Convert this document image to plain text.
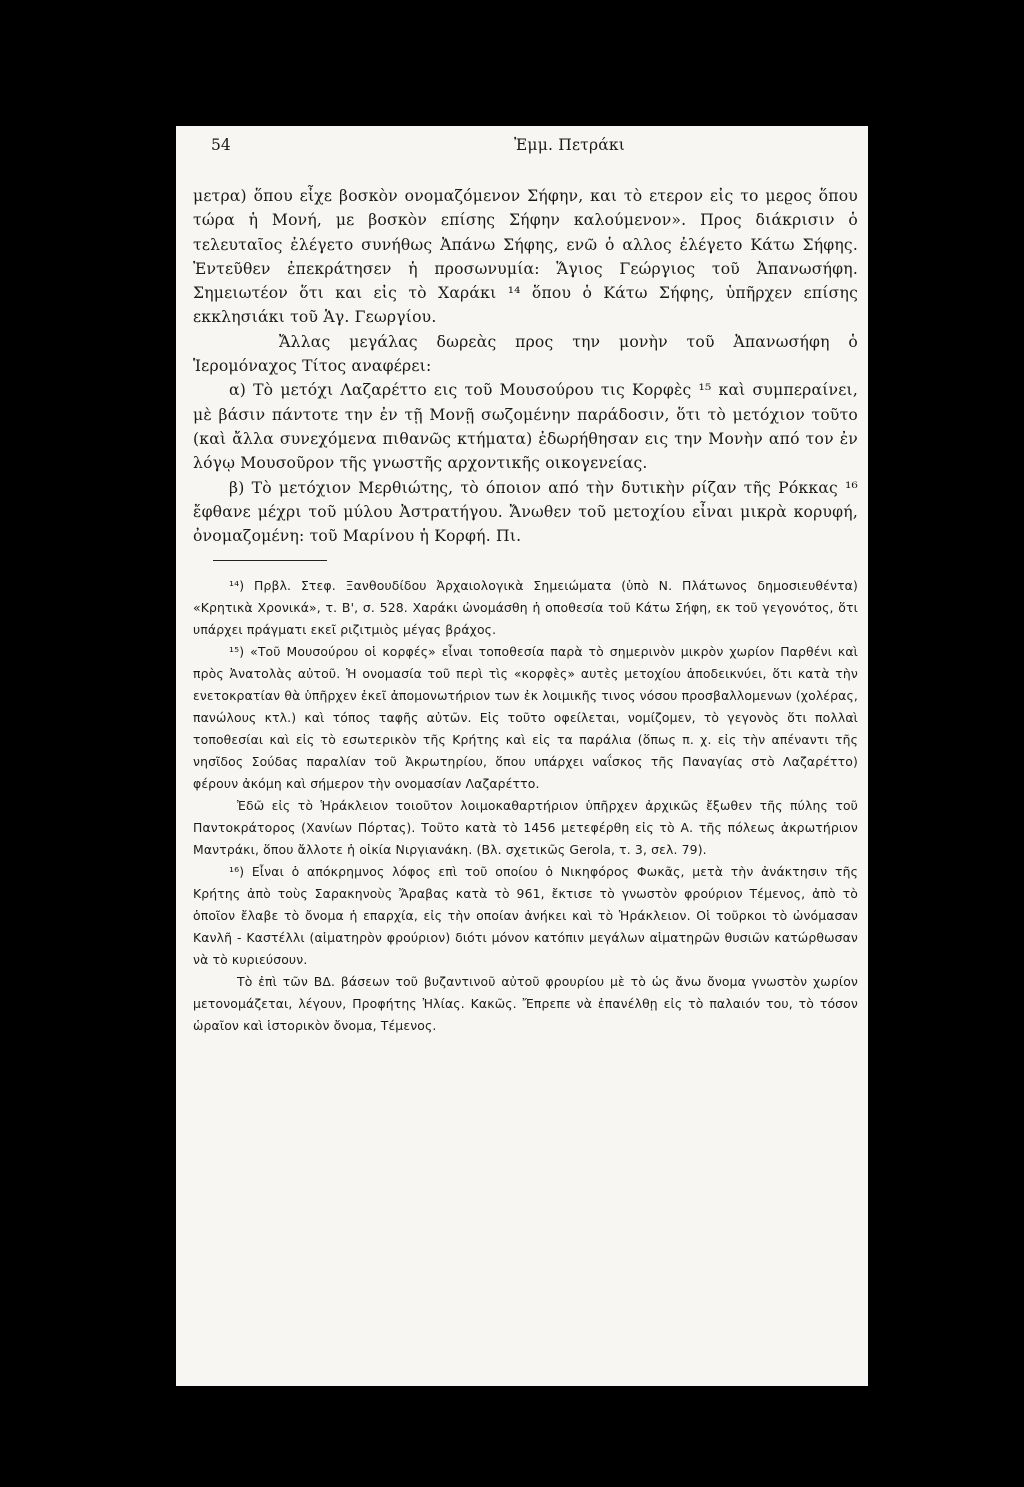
54	Ἐμμ. Πετράκι

μετρα) ὅπου εἶχε βοσκὸν ονομαζόμενον Σήφην, και τὸ ετερον εἰς το μεϱος ὅπου τώρα ἡ Μονή, με βοσκὸν επίσης Σήφην καλούμενον». Προς διάκρισιν ὁ τελευταῖος ἐλέγετο συνήθως Ἀπάνω Σήφης, ενῶ ὁ αλλος ἐλέγετο Κάτω Σήφης. Ἐντεῦθεν ἐπεκράτησεν ἡ προσωνυμία: Ἅγιος Γεώργιος τοῦ Ἀπανωσήφη. Σημειωτέον ὅτι και εἰς τὸ Χαράκι ¹⁴ ὅπου ὁ Κάτω Σήφης, ὑπῆρχεν επίσης εκκλησιάκι τοῦ Ἁγ. Γεωργίου.

Ἄλλας μεγάλας δωρεὰς προς την μονὴν τοῦ Ἀπανωσήφη ὁ Ἱερομόναχος Τίτος αναφέρει:

α) Τὸ μετόχι Λαζαρέττο εις τοῦ Μουσούρου τις Κορφὲς ¹⁵ καὶ συμπεραίνει, μὲ βάσιν πάντοτε την ἐν τῇ Μονῇ σωζομένην παράδοσιν, ὅτι τὸ μετόχιον τοῦτο (καὶ ἄλλα συνεχόμενα πιθανῶς κτήματα) ἐδωρήθησαν εις την Μονὴν από τον ἐν λόγῳ Μουσοῦρον τῆς γνωστῆς αρχοντικῆς οικογενείας.

β) Τὸ μετόχιον Μερθιώτης, τὸ όποιον από τὴν δυτικὴν ρίζαν τῆς Ρόκκας ¹⁶ ἔφθανε μέχρι τοῦ μύλου Ἀστρατήγου. Ἄνωθεν τοῦ μετοχίου εἶναι μικρὰ κορυφή, ὀνομαζομένη: τοῦ Μαρίνου ἡ Κορφή. Πι.

¹⁴) Πρβλ. Στεφ. Ξανθουδίδου Ἀρχαιολογικὰ Σημειώματα (ὑπὸ Ν. Πλάτωνος δημοσιευθέντα) «Κρητικὰ Χρονικά», τ. Β', σ. 528. Χαράκι ὠνομάσθη ἡ οποθεσία τοῦ Κάτω Σήφη, εκ τοῦ γεγονότος, ὅτι υπάρχει πράγματι εκεῖ ριζιτμιὸς μέγας βράχος.

¹⁵) «Τοῦ Μουσούρου οἱ κορφές» εἶναι τοποθεσία παρὰ τὸ σημερινὸν μικρὸν χωρίον Παρθένι καὶ πρὸς Ἀνατολὰς αὐτοῦ. Ἡ ονομασία τοῦ περὶ τὶς «κορφὲς» αυτὲς μετοχίου ἀποδεικνύει, ὅτι κατὰ τὴν ενετοκρατίαν θὰ ὑπῆρχεν ἐκεῖ ἀπομονωτήριον των ἐκ λοιμικῆς τινος νόσου προσβαλλομενων (χολέρας, πανώλους κτλ.) καὶ τόπος ταφῆς αὐτῶν. Εἰς τοῦτο οφείλεται, νομίζομεν, τὸ γεγονὸς ὅτι πολλαὶ τοποθεσίαι καὶ εἰς τὸ εσωτερικὸν τῆς Κρήτης καὶ εἰς τα παράλια (ὅπως π. χ. εἰς τὴν απέναντι τῆς νησῖδος Σούδας παραλίαν τοῦ Ἀκρωτηρίου, ὅπου υπάρχει ναΐσκος τῆς Παναγίας στὸ Λαζαρέττο) φέρουν ἀκόμη καὶ σήμερον τὴν ονομασίαν Λαζαρέττο.

Ἐδῶ εἰς τὸ Ἡράκλειον τοιοῦτον λοιμοκαθαρτήριον ὑπῆρχεν ἀρχικῶς ἔξωθεν τῆς πύλης τοῦ Παντοκράτορος (Χανίων Πόρτας). Τοῦτο κατὰ τὸ 1456 μετεφέρθη εἰς τὸ Α. τῆς πόλεως ἀκρωτήριον Μαντράκι, ὅπου ἄλλοτε ἡ οἰκία Νιργιανάκη. (Βλ. σχετικῶς Gerola, τ. 3, σελ. 79).

¹⁶) Εἶναι ὁ απόκρημνος λόφος επὶ τοῦ οποίου ὁ Νικηφόρος Φωκᾶς, μετὰ τὴν ἀνάκτησιν τῆς Κρήτης ἀπὸ τοὺς Σαρακηνοὺς Ἄραβας κατὰ τὸ 961, ἔκτισε τὸ γνωστὸν φρούριον Τέμενος, ἀπὸ τὸ ὁποῖον ἔλαβε τὸ ὄνομα ἡ επαρχία, εἰς τὴν οποίαν ἀνήκει καὶ τὸ Ἡράκλειον. Οἱ τοῦρκοι τὸ ὠνόμασαν Κανλῆ - Καστέλλι (αἱματηρὸν φρούριον) διότι μόνον κατόπιν μεγάλων αἱματηρῶν θυσιῶν κατώρθωσαν νὰ τὸ κυριεύσουν.

Τὸ ἐπὶ τῶν ΒΔ. βάσεων τοῦ βυζαντινοῦ αὐτοῦ φρουρίου μὲ τὸ ὡς ἄνω ὄνομα γνωστὸν χωρίον μετονομάζεται, λέγουν, Προφήτης Ἠλίας. Κακῶς. Ἔπρεπε νὰ ἐπανέλθῃ εἰς τὸ παλαιόν του, τὸ τόσον ὡραῖον καὶ ἱστορικὸν ὄνομα, Τέμενος.
